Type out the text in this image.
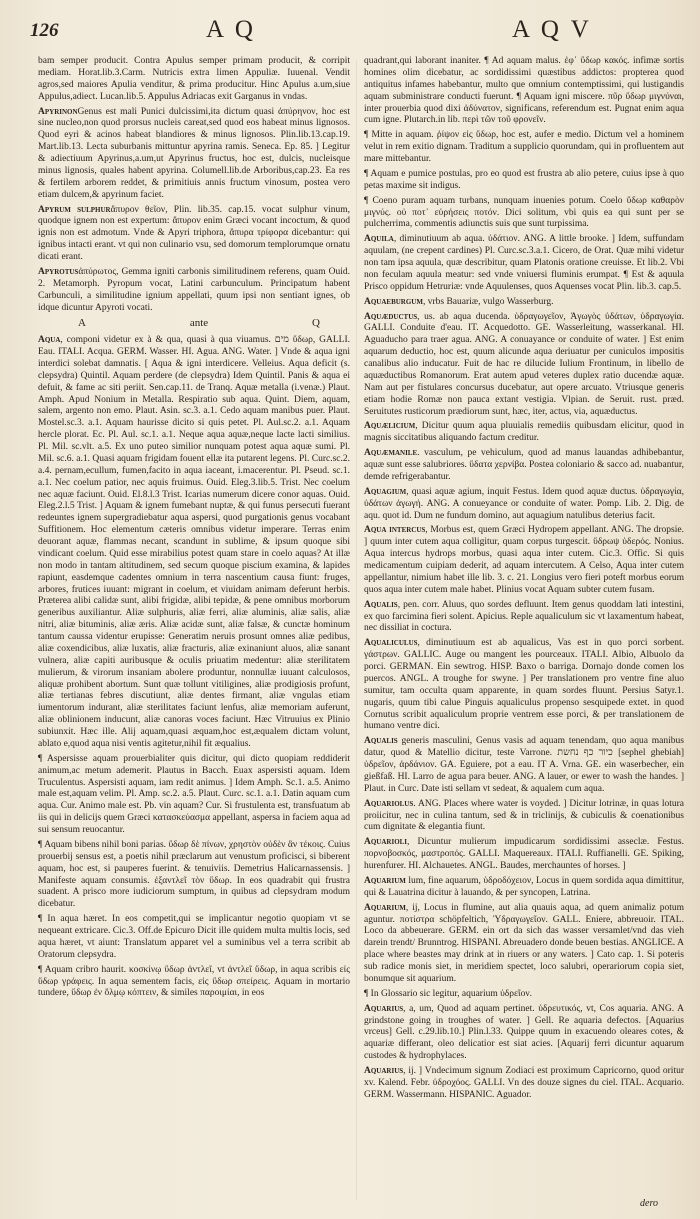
126	A Q	A Q V

bam semper producit. Contra Apulus semper primam producit, & corripit mediam. Horat.lib.3.Carm. Nutricis extra limen Appuliæ. Iuuenal. Vendit agros,sed maiores Apulia venditur, & prima producitur. Hinc Apulus a.um,siue Appulus,adiect. Lucan.lib.5. Appulus Adriacas exit Garganus in vndas.

ApyrinonGenus est mali Punici dulcissimi,ita dictum quasi ἀπύρηνον, hoc est sine nucleo,non quod prorsus nucleis careat,sed quod eos habeat minus lignosos. Quod eyri & acinos habeat blandiores & minus lignosos. Plin.lib.13.cap.19. Mart.lib.13. Lecta suburbanis mittuntur apyrina ramis. Seneca. Ep. 85. ] Legitur & adiectiuum Apyrinus,a.um,ut Apyrinus fructus, hoc est, dulcis, nucleisque minus lignosis, quales habent apyrina. Columell.lib.de Arboribus,cap.23. Ea res & fertilem arborem reddet, & primitiuis annis fructum vinosum, postea vero etiam dulcem,& apyrinum faciet.

Apyrum sulphurἄπυρον θεῖον, Plin. lib.35. cap.15. vocat sulphur vinum, quodque ignem non est expertum: ἄπυρον enim Græci vocant incoctum, & quod ignis non est admotum. Vnde & Apyri triphora, ἄπυρα τρίφορα dicebantur: qui ignibus intacti erant. vt qui non culinario vsu, sed domorum templorumque ornatu dicati erant.

Apyrotusἀπύρωτος, Gemma igniti carbonis similitudinem referens, quam Ouid. 2. Metamorph. Pyropum vocat, Latini carbunculum. Principatum habent Carbunculi, a similitudine ignium appellati, quum ipsi non sentiant ignes, ob idque dicuntur Apyroti vocati.

A	ante	Q

Aqua, componi videtur ex à & qua, quasi à qua viuamus. מים ὕδωρ, GALLI. Eau. ITALI. Acqua. GERM. Wasser. HI. Agua. ANG. Water. ] Vnde & aqua igni interdici solebat damnatis. [ Aqua & igni interdicere. Velleius. Aqua deficit (s. clepsydra) Quintil. Aquam perdere (de clepsydra) Idem Quintil. Panis & aqua ei defuit, & fame ac siti periit. Sen.cap.11. de Tranq. Aquæ metalla (i.venæ.) Plaut. Amph. Apud Nonium in Metalla. Respiratio sub aqua. Quint. Diem, aquam, salem, argento non emo. Plaut. Asin. sc.3. a.1. Cedo aquam manibus puer. Plaut. Mostel.sc.3. a.1. Aquam haurisse dicito si quis petet. Pl. Aul.sc.2. a.1. Aquam hercle plorat. Ec. Pl. Aul. sc.1. a.1. Neque aqua aquæ,neque lacte lacti similius. Pl. Mil. sc.vlt. a.5. Ex uno puteo similior nunquam potest aqua aquæ sumi. Pl. Mil. sc.6. a.1. Quasi aquam frigidam fouent ellæ ita putarent legens. Pl. Curc.sc.2. a.4. pernam,ecullum, fumen,facito in aqua iaceant, i.macerentur. Pl. Pseud. sc.1. a.1. Nec coelum patior, nec aquis fruimus. Ouid. Eleg.3.lib.5. Trist. Nec coelum nec aquæ faciunt. Ouid. El.8.l.3 Trist. Icarias numerum dicere conor aquas. Ouid. Eleg.2.l.5 Trist. ] Aquam & ignem fumebant nuptæ, & qui funus persecuti fuerant redeuntes ignem supergradiebatur aqua aspersi, quod purgationis genus vocabant Suffitionem. Hoc elementum cæteris omnibus videtur imperare. Terras enim deuorant aquæ, flammas necant, scandunt in sublime, & ipsum quoque sibi vindicant coelum. Quid esse mirabilius potest quam stare in coelo aquas? At illæ non modo in tantam altitudinem, sed secum quoque piscium examina, & lapides rapiunt, easdemque cadentes omnium in terra nascentium causa fiunt: fruges, arbores, frutices iuuant: migrant in coelum, et viuidam animam deferunt herbis. Præterea alibi calidæ sunt, alibi frigidæ, alibi tepidæ, & pene omnibus morborum generibus auxiliantur. Aliæ sulphuris, aliæ ferri, aliæ aluminis, aliæ salis, aliæ nitri, aliæ bituminis, aliæ æris. Aliæ acidæ sunt, aliæ falsæ, & cunctæ hominum tantum caussa videntur erupisse: Generatim neruis prosunt omnes aliæ pedibus, aliæ coxendicibus, aliæ luxatis, aliæ fracturis, aliæ exinaniunt aluos, aliæ sanant vulnera, aliæ capiti auribusque & oculis priuatim medentur: aliæ sterilitatem mulierum, & virorum insaniam abolere produntur, nonnullæ iuuant calculosos, aliquæ prohibent abortum. Sunt quæ tollunt vitiligines, aliæ prodigiosis profunt, aliæ tertianas febres discutiunt, aliæ dentes firmant, aliæ vngulas etiam iumentorum indurant, aliæ sterilitates faciunt lenfus, aliæ memoriam auferunt, aliæ oblinionem inducunt, aliæ canoras voces faciunt. Hæc Vitruuius ex Plinio subiunxit. Hæc ille. Alij aquam,quasi æquam,hoc est,æqualem dictam volunt, ablato e,quod aqua nisi ventis agitetur,nihil fit æqualius.

¶ Aspersisse aquam prouerbialiter quis dicitur, qui dicto quopiam reddiderit animum,ac metum ademerit. Plautus in Bacch. Euax aspersisti aquam. Idem Truculentus. Aspersisti aquam, iam redit animus. ] Idem Amph. Sc.1. a.5. Animo male est,aquam velim. Pl. Amp. sc.2. a.5. Plaut. Curc. sc.1. a.1. Datin aquam cum aqua. Cur. Animo male est. Pb. vin aquam? Cur. Si frustulenta est, transfuatum ab iis qui in delicijs quem Græci κατασκεύασμα appellant, aspersa in faciem aqua ad sui sensum reuocantur.

¶ Aquam bibens nihil boni parias. ὕδωρ δὲ πίνων, χρηστὸν οὐδὲν ἂν τέκοις. Cuius prouerbij sensus est, a poetis nihil præclarum aut venustum proficisci, si biberent aquam, hoc est, si pauperes fuerint. & tenuiviis. Demetrius Halicarnassensis. ] Manifeste aquam consumis. ἐξαντλεῖ τὸν ὕδωρ. In eos quadrabit qui frustra suadent. A prisco more iudiciorum sumptum, in quibus ad clepsydram modum dicebatur.

¶ In aqua hæret. In eos competit,qui se implicantur negotio quopiam vt se nequeant extricare. Cic.3. Off.de Epicuro Dicit ille quidem multa multis locis, sed aqua hæret, vt aiunt: Translatum apparet vel a suminibus vel a terra scribit ab Oratorum clepsydra.

¶ Aquam cribro haurit. κοσκίνῳ ὕδωρ ἀντλεῖ, vt ἀντλεῖ ὕδωρ, in aqua scribis εἰς ὕδωρ γράφεις. In aqua sementem facis, εἰς ὕδωρ σπείρεις. Aquam in mortario tundere, ὕδωρ ἐν ὅλμῳ κόπτειν, & similes παροιμίαι, in eos

quadrant,qui laborant inaniter. ¶ Ad aquam malus. ἐφ᾽ ὕδωρ κακός. infimæ sortis homines olim dicebatur, ac sordidissimi quæstibus addictos: propterea quod antiquitus infames habebantur, multo que omnium contemptissimi, qui lustigandis aquam subministrare conducti fuerunt. ¶ Aquam igni miscere. πῦρ ὕδωρ μιγνύναι, inter prouerbia quod dixi ἀδύνατον, significans, referendum est. Pugnat enim aqua cum igne. Plutarch.in lib. περὶ τῶν τοῦ φρονεῖν.

¶ Mitte in aquam. ῥίψον εἰς ὕδωρ, hoc est, aufer e medio. Dictum vel a hominem velut in rem exitio dignam. Traditum a supplicio quorundam, qui in profluentem aut mare mittebantur.

¶ Aquam e pumice postulas, pro eo quod est frustra ab alio petere, cuius ipse à quo petas maxime sit indigus.

¶ Coeno puram aquam turbans, nunquam inuenies potum. Coelo ὕδωρ καθαρὸν μιγνύς. οὐ ποτ᾽ εὑρήσεις ποτόν. Dici solitum, vbi quis ea qui sunt per se pulcherrima, commentis adiunctis suis que sunt turpissima.

Aquila, diminutiuum ab aqua. ὑδάτιον. ANG. A little brooke. ] Idem, suffundam aquulam, (ne crepent cardines) Pl. Curc.sc.3.a.1. Cicero, de Orat. Quæ mihi videtur non tam ipsa aquula, quæ describitur, quam Platonis oratione creuisse. Et lib.2. Vbi non feculam aquula meatur: sed vnde vniuersi fluminis erumpat. ¶ Est & aquula Prisco oppidum Hetruriæ: vnde Aquulenses, quos Aquenses vocat Plin. lib.3. cap.5.

Aquaeburgum, vrbs Bauariæ, vulgo Wasserburg.

Aquæductus, us. ab aqua ducenda. ὑδραγωγεῖον, Ἀγωγὸς ὑδάτων, ὑδραγωγία. GALLI. Conduite d'eau. IT. Acquedotto. GE. Wasserleitung, wasserkanal. HI. Aguaducho para traer agua. ANG. A conuayance or conduite of water. ] Est enim aquarum deductio, hoc est, quum alicunde aqua deriuatur per cuniculos impositis canalibus alio inducatur. Fuit de hac re dilucide Iulium Frontinum, in libello de aquæductibus Romanorum. Erat autem apud veteres duplex ratio ducendæ aquæ. Nam aut per fistulares concursus ducebatur, aut opere arcuato. Vtriusque generis etiam hodie Romæ non pauca extant vestigia. Vlpian. de Seruit. rust. præd. Seruitutes rusticorum prædiorum sunt, hæc, iter, actus, via, aquæductus.

Aquælicium, Dicitur quum aqua pluuialis remediis quibusdam elicitur, quod in magnis siccitatibus aliquando factum creditur.

Aquæmanile. vasculum, pe vehiculum, quod ad manus lauandas adhibebantur, aquæ sunt esse salubriores. ὕδατα χερνίβα. Postea coloniario & sacco ad. nuabantur, demde refrigerabantur.

Aquagium, quasi aquæ agium, inquit Festus. Idem quod aquæ ductus. ὑδραγωγία, ὑδάτων ἀγωγή. ANG. A conueyance or conduite of water. Pomp. Lib. 2. Dig. de aqu. quot id. Dum ne fundum domino, aut aquagium natulibus deterius facit.

Aqua intercus, Morbus est, quem Græci Hydropem appellant. ANG. The dropsie. ] quum inter cutem aqua colligitur, quam corpus turgescit. ὕδρωψ ὑδερός. Nonius. Aqua intercus hydrops morbus, quasi aqua inter cutem. Cic.3. Offic. Si quis medicamentum cuipiam dederit, ad aquam intercutem. A Celso, Aqua inter cutem appellantur, nimium habet ille lib. 3. c. 21. Longius vero fieri poteft morbus eorum quos aqua inter cutem male habet. Plinius vocat Aquam subter cutem fusam.

Aqualis, pen. corr. Aluus, quo sordes defluunt. Item genus quoddam lati intestini, ex quo farcimina fieri solent. Apicius. Reple aqualiculum sic vt laxamentum habeat, nec dissiliat in coctura.

Aqualiculus, diminutiuum est ab aqualicus, Vas est in quo porci sorbent. γάστρων. GALLIC. Auge ou mangent les pourceaux. ITALI. Albio, Albuolo da porci. GERMAN. Ein sewtrog. HISP. Baxo o barriga. Dornajo donde comen los puercos. ANGL. A troughe for swyne. ] Per translationem pro ventre fine aluo sumitur, tam occulta quam apparente, in quam sordes fluunt. Persius Satyr.1. nugaris, quum tibi calue Pinguis aqualiculus propenso sesquipede extet. in quod Cornutus scribit aqualiculum proprie ventrem esse porci, & per translationem de humano ventre dici.

Aqualis generis masculini, Genus vasis ad aquam tenendam, quo aqua manibus datur, quod & Matellio dicitur, teste Varrone. כיור כף נחשת [sephel ghebiah] ὑδρεῖον, ἀρδάνιον. GA. Eguiere, pot a eau. IT A. Vrna. GE. ein waserbecher, ein gießfaß. HI. Larro de agua para beuer. ANG. A lauer, or ewer to wash the handes. ] Plaut. in Curc. Date isti sellam vt sedeat, & aqualem cum aqua.

Aquariolus. ANG. Places where water is voyded. ] Dicitur lotrinæ, in quas lotura proiicitur, nec in culina tantum, sed & in triclinijs, & cubiculis & coenationibus cum dignitate & elegantia fiunt.

Aquarioli, Dicuntur mulierum impudicarum sordidissimi asseclæ. Festus. πορνοβοσκός, μαστροπός. GALLI. Maquereaux. ITALI. Ruffianelli. GE. Spiking, hurenfurer. HI. Alchauetes. ANGL. Baudes, merchauntes of horses. ]

Aquarium lum, fine aquarum, ὑδροδόχειον, Locus in quem sordida aqua dimittitur, qui & Lauatrina dicitur à lauando, & per syncopen, Latrina.

Aquarium, ij, Locus in flumine, aut alia quauis aqua, ad quem animaliz potum aguntur. ποτίστρα schöpfeltich, Ὑδραγωγεῖον. GALL. Eniere, abbreuoir. ITAL. Loco da abbeuerare. GERM. ein ort da sich das wasser versamlet/vnd das vieh darein trendt/ Brunntrog. HISPANI. Abreuadero donde beuen bestias. ANGLICE. A place where beastes may drink at in riuers or any waters. ] Cato cap. 1. Si poteris sub radice monis siet, in meridiem spectet, loco salubri, operariorum copia siet, bonumque sit aquarium.

¶ In Glossario sic legitur, aquarium ὑδρεῖον.

Aquarius, a, um, Quod ad aquam pertinet. ὑδρευτικός, vt, Cos aquaria. ANG. A grindstone going in troughes of water. ] Gell. Re aquaria defectos. [Aquarius vrceus] Gell. c.29.lib.10.] Plin.l.33. Quippe quum in exacuendo oleares cotes, & aquariæ differant, oleo delicatior est siat acies. [Aquarij ferri dicuntur aquarum custodes & hydrophylaces.

Aquarius, ij. ] Vndecimum signum Zodiaci est proximum Capricorno, quod oritur xv. Kalend. Febr. ὑδροχόος. GALLI. Vn des douze signes du ciel. ITAL. Acquario. GERM. Wassermann. HISPANIC. Aguador.

dero
